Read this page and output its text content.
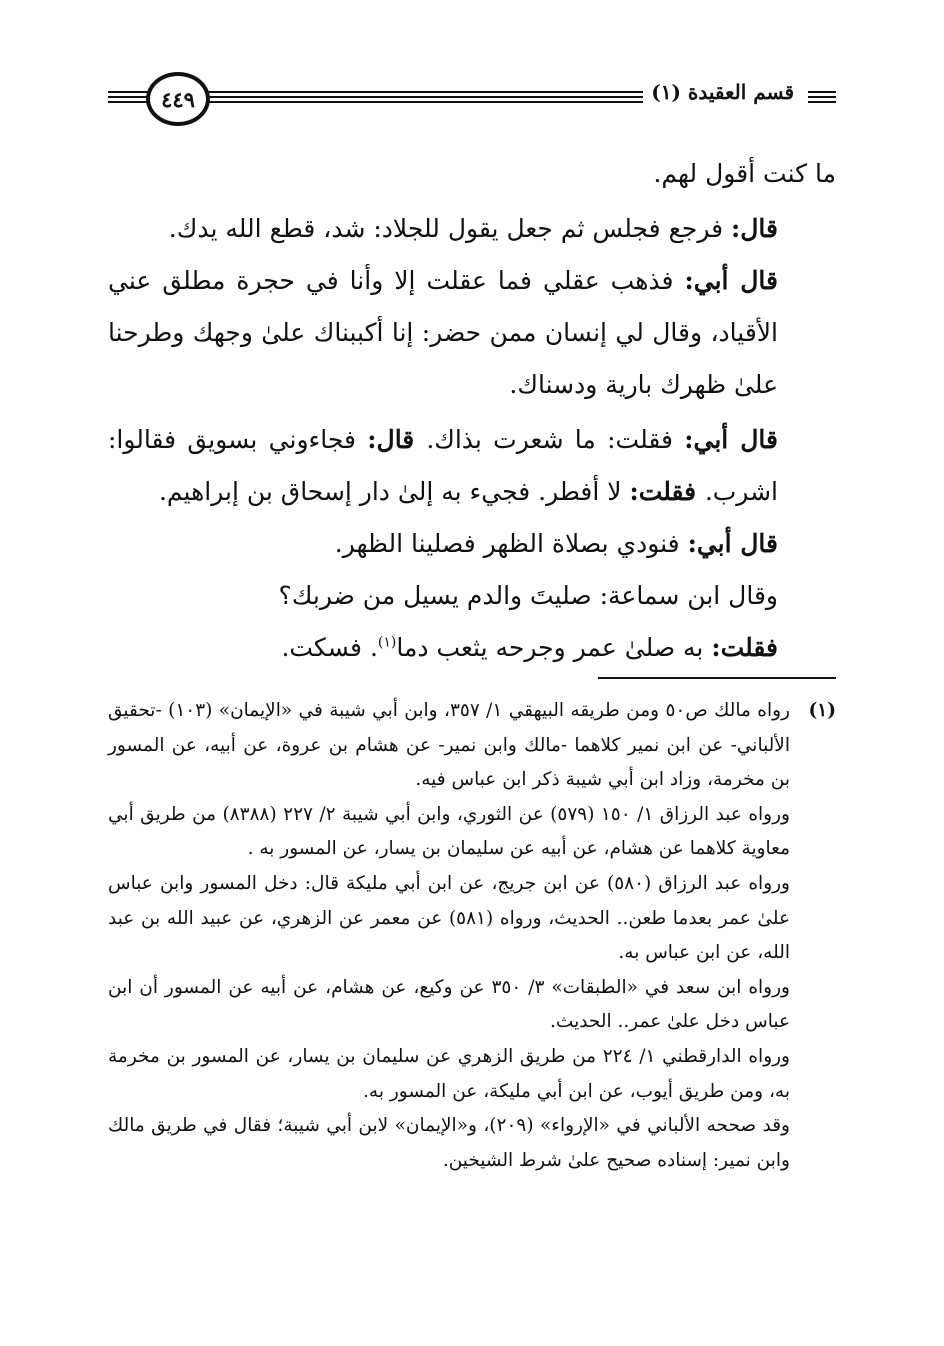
٤٤٩	قسم العقيدة (١)

ما كنت أقول لهم.

قال: فرجع فجلس ثم جعل يقول للجلاد: شد، قطع الله يدك.

قال أبي: فذهب عقلي فما عقلت إلا وأنا في حجرة مطلق عني الأقياد، وقال لي إنسان ممن حضر: إنا أكببناك علىٰ وجهك وطرحنا علىٰ ظهرك بارية ودسناك.

قال أبي: فقلت: ما شعرت بذاك. قال: فجاءوني بسويق فقالوا: اشرب. فقلت: لا أفطر. فجيء به إلىٰ دار إسحاق بن إبراهيم.

قال أبي: فنودي بصلاة الظهر فصلينا الظهر.

وقال ابن سماعة: صليتَ والدم يسيل من ضربك؟

فقلت: به صلىٰ عمر وجرحه يثعب دما$^{(١)}$. فسكت.

(١)

رواه مالك ص٥٠ ومن طريقه البيهقي ١/ ٣٥٧، وابن أبي شيبة في «الإيمان» (١٠٣) -تحقيق الألباني- عن ابن نمير كلاهما -مالك وابن نمير- عن هشام بن عروة، عن أبيه، عن المسور بن مخرمة، وزاد ابن أبي شيبة ذكر ابن عباس فيه.

ورواه عبد الرزاق ١/ ١٥٠ (٥٧٩) عن الثوري، وابن أبي شيبة ٢/ ٢٢٧ (٨٣٨٨) من طريق أبي معاوية كلاهما عن هشام، عن أبيه عن سليمان بن يسار، عن المسور به .

ورواه عبد الرزاق (٥٨٠) عن ابن جريج، عن ابن أبي مليكة قال: دخل المسور وابن عباس علىٰ عمر بعدما طعن.. الحديث، ورواه (٥٨١) عن معمر عن الزهري، عن عبيد الله بن عبد الله، عن ابن عباس به.

ورواه ابن سعد في «الطبقات» ٣/ ٣٥٠ عن وكيع، عن هشام، عن أبيه عن المسور أن ابن عباس دخل علىٰ عمر.. الحديث.

ورواه الدارقطني ١/ ٢٢٤ من طريق الزهري عن سليمان بن يسار، عن المسور بن مخرمة به، ومن طريق أيوب، عن ابن أبي مليكة، عن المسور به.

وقد صححه الألباني في «الإرواء» (٢٠٩)، و«الإيمان» لابن أبي شيبة؛ فقال في طريق مالك وابن نمير: إسناده صحيح علىٰ شرط الشيخين.
